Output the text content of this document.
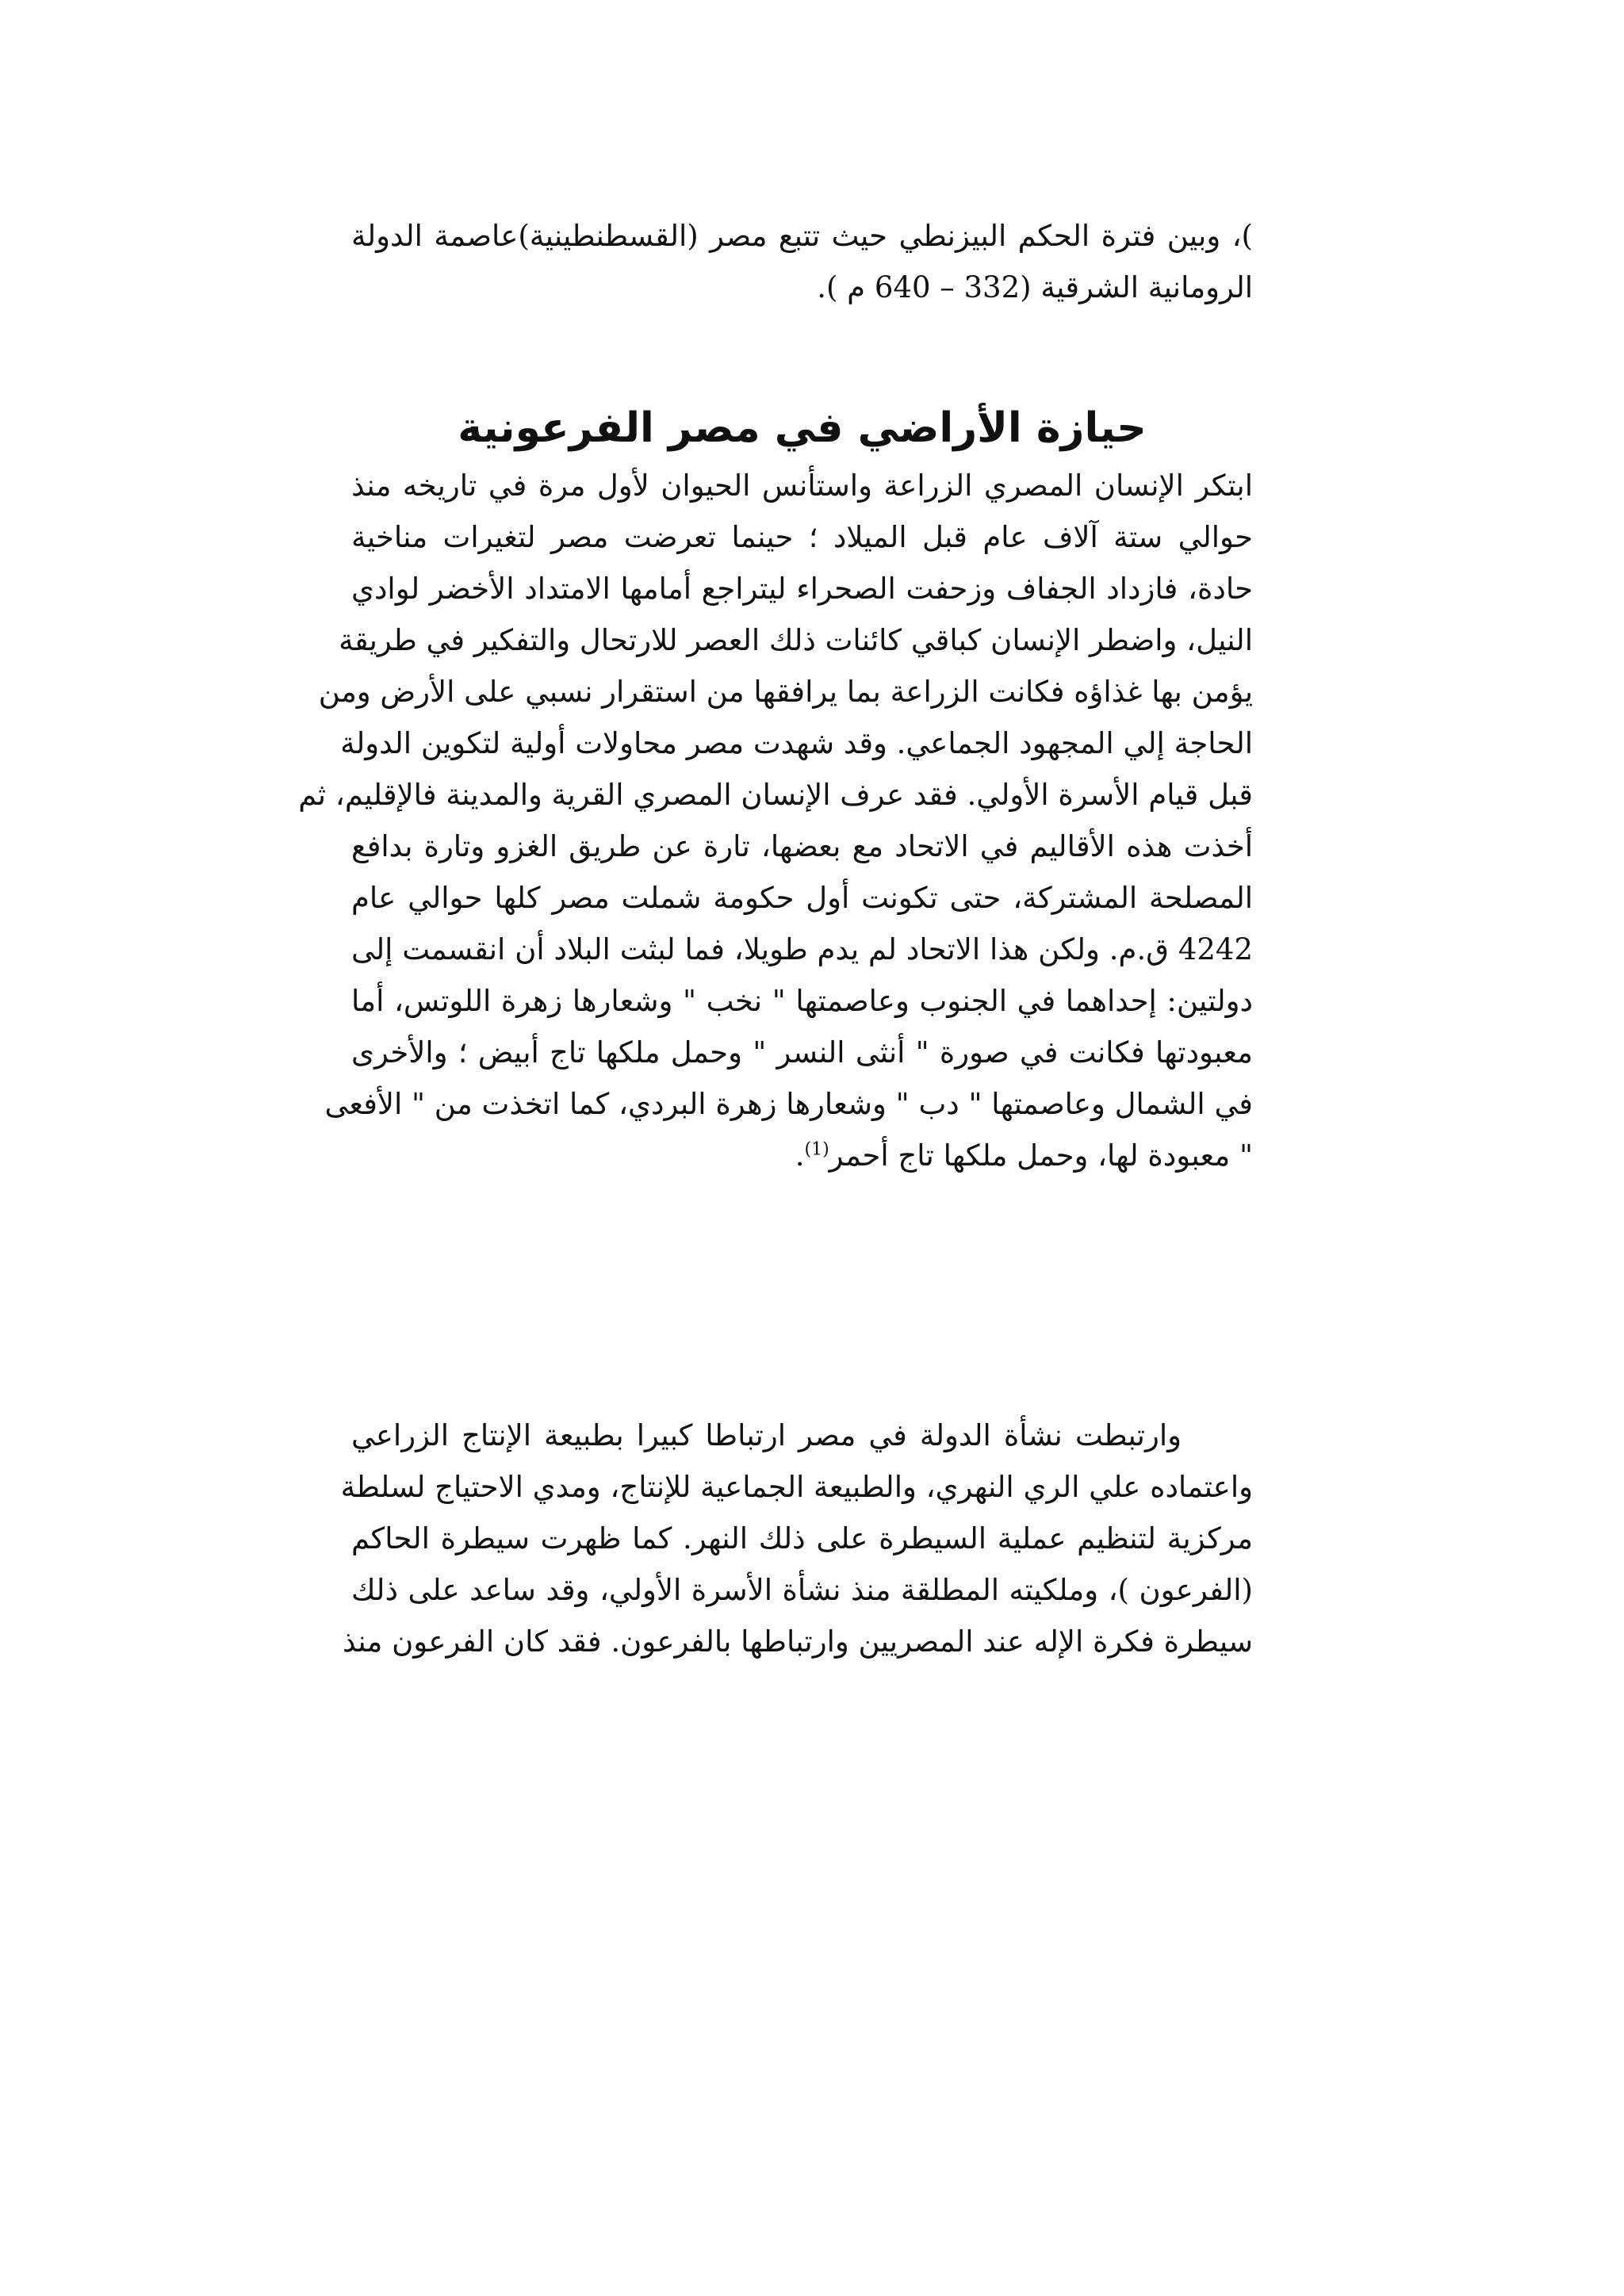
)، وبين فترة الحكم البيزنطي حيث تتبع مصر (القسطنطينية)عاصمة الدولة
الرومانية الشرقية (332 – 640 م ).
حيازة الأراضي في مصر الفرعونية
ابتكر الإنسان المصري الزراعة واستأنس الحيوان لأول مرة في تاريخه منذ
حوالي ستة آلاف عام قبل الميلاد ؛ حينما تعرضت مصر لتغيرات مناخية
حادة، فازداد الجفاف وزحفت الصحراء ليتراجع أمامها الامتداد الأخضر لوادي
النيل، واضطر الإنسان كباقي كائنات ذلك العصر للارتحال والتفكير في طريقة
يؤمن بها غذاؤه فكانت الزراعة بما يرافقها من استقرار نسبي على الأرض ومن
الحاجة إلي المجهود الجماعي. وقد شهدت مصر محاولات أولية لتكوين الدولة
قبل قيام الأسرة الأولي. فقد عرف الإنسان المصري القرية والمدينة فالإقليم، ثم
أخذت هذه الأقاليم في الاتحاد مع بعضها، تارة عن طريق الغزو وتارة بدافع
المصلحة المشتركة، حتى تكونت أول حكومة شملت مصر كلها حوالي عام
4242 ق.م. ولكن هذا الاتحاد لم يدم طويلا، فما لبثت البلاد أن انقسمت إلى
دولتين: إحداهما في الجنوب وعاصمتها " نخب " وشعارها زهرة اللوتس، أما
معبودتها فكانت في صورة " أنثى النسر " وحمل ملكها تاج أبيض ؛ والأخرى
في الشمال وعاصمتها " دب " وشعارها زهرة البردي، كما اتخذت من " الأفعى
" معبودة لها، وحمل ملكها تاج أحمر$^{(1)}$.
وارتبطت نشأة الدولة في مصر ارتباطا كبيرا بطبيعة الإنتاج الزراعي
واعتماده علي الري النهري، والطبيعة الجماعية للإنتاج، ومدي الاحتياج لسلطة
مركزية لتنظيم عملية السيطرة على ذلك النهر. كما ظهرت سيطرة الحاكم
(الفرعون )، وملكيته المطلقة منذ نشأة الأسرة الأولي، وقد ساعد على ذلك
سيطرة فكرة الإله عند المصريين وارتباطها بالفرعون. فقد كان الفرعون منذ
